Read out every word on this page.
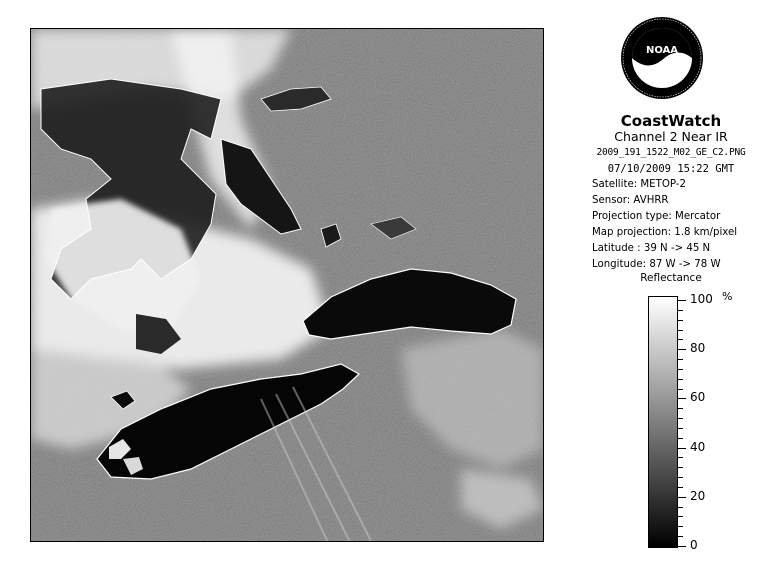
NOAA
CoastWatch
Channel 2 Near IR
2009_191_1522_M02_GE_C2.PNG
07/10/2009 15:22 GMT
Satellite: METOP-2
Sensor: AVHRR
Projection type: Mercator
Map projection: 1.8 km/pixel
Latitude : 39 N -> 45 N
Longitude: 87 W -> 78 W
Reflectance
%
100
80
60
40
20
0
